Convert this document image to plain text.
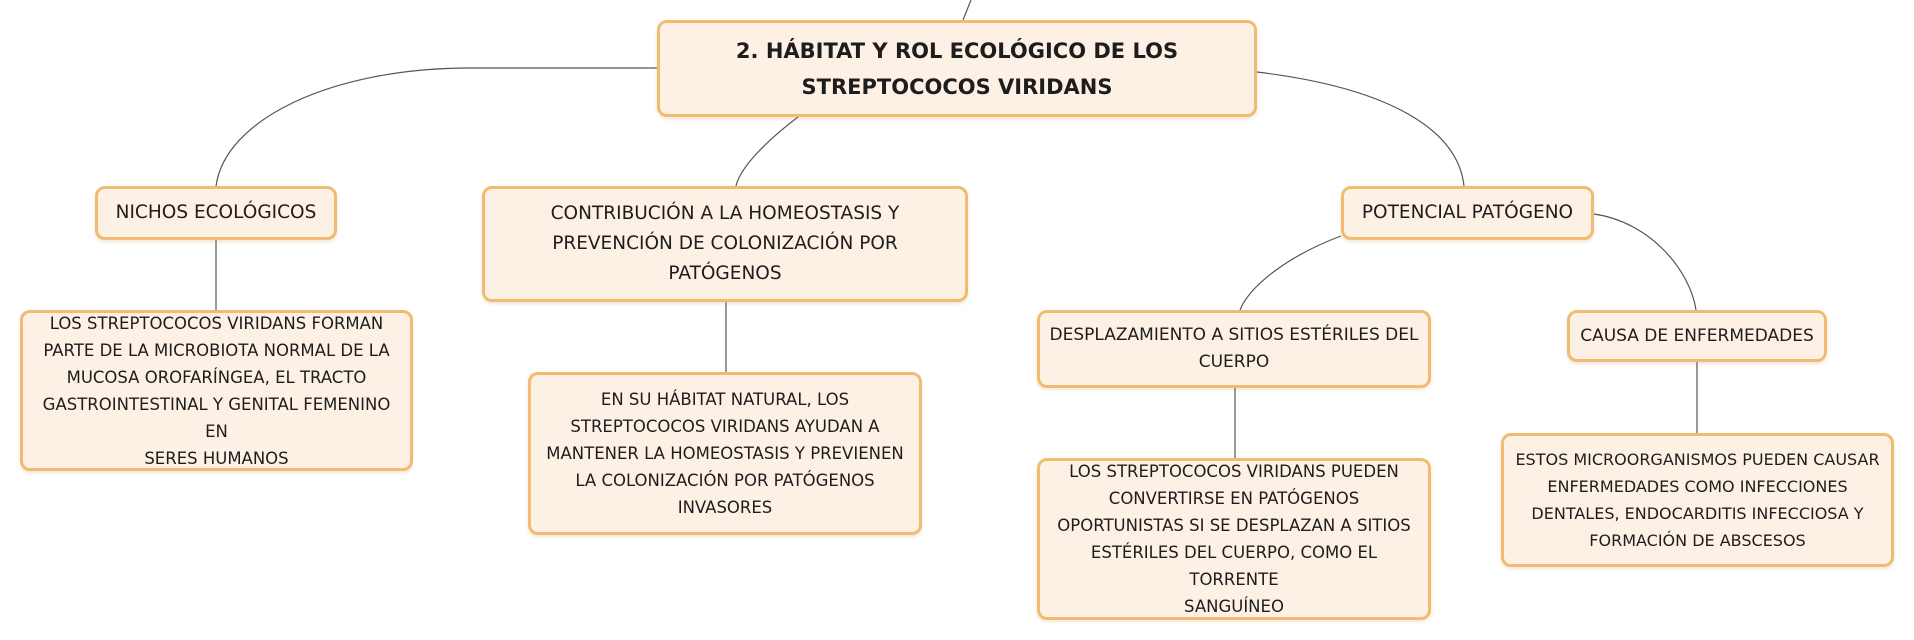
2. HÁBITAT Y ROL ECOLÓGICO DE LOS
STREPTOCOCOS VIRIDANS
NICHOS ECOLÓGICOS
LOS STREPTOCOCOS VIRIDANS FORMAN
PARTE DE LA MICROBIOTA NORMAL DE LA
MUCOSA OROFARÍNGEA, EL TRACTO
GASTROINTESTINAL Y GENITAL FEMENINO EN
SERES HUMANOS
CONTRIBUCIÓN A LA HOMEOSTASIS Y
PREVENCIÓN DE COLONIZACIÓN POR
PATÓGENOS
EN SU HÁBITAT NATURAL, LOS
STREPTOCOCOS VIRIDANS AYUDAN A
MANTENER LA HOMEOSTASIS Y PREVIENEN
LA COLONIZACIÓN POR PATÓGENOS
INVASORES
POTENCIAL PATÓGENO
DESPLAZAMIENTO A SITIOS ESTÉRILES DEL
CUERPO
LOS STREPTOCOCOS VIRIDANS PUEDEN
CONVERTIRSE EN PATÓGENOS
OPORTUNISTAS SI SE DESPLAZAN A SITIOS
ESTÉRILES DEL CUERPO, COMO EL TORRENTE
SANGUÍNEO
CAUSA DE ENFERMEDADES
ESTOS MICROORGANISMOS PUEDEN CAUSAR
ENFERMEDADES COMO INFECCIONES
DENTALES, ENDOCARDITIS INFECCIOSA Y
FORMACIÓN DE ABSCESOS
